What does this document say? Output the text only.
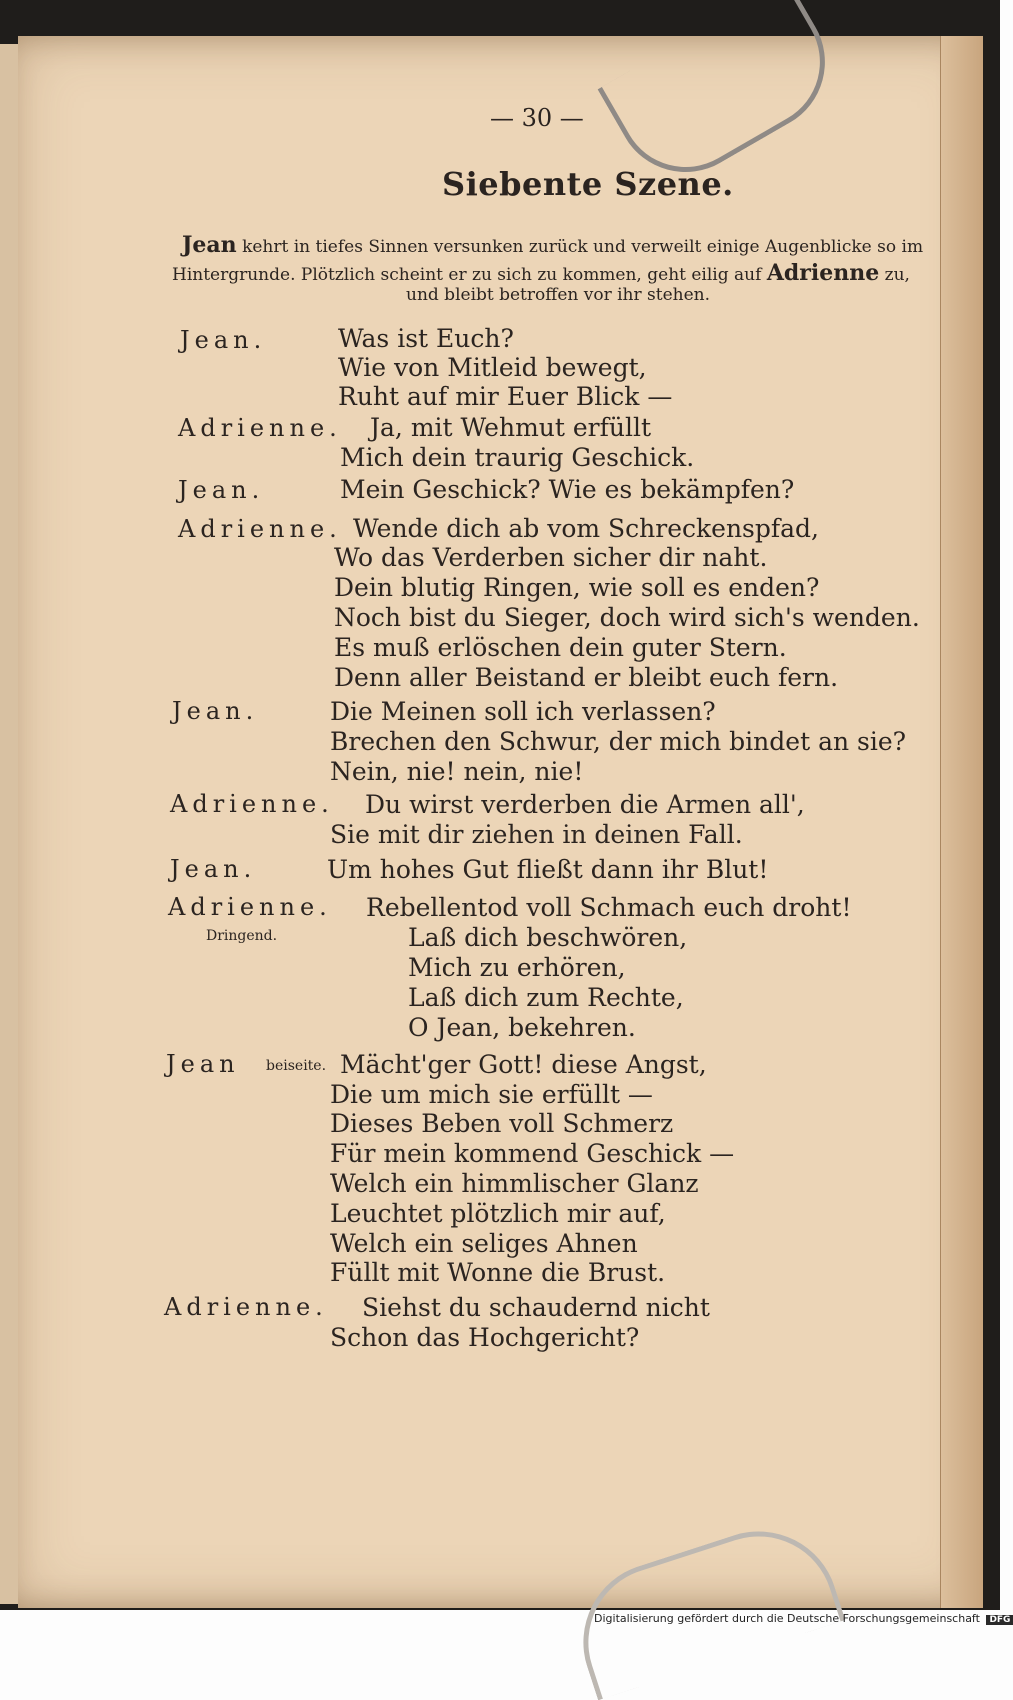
— 30 —
Siebente Szene.
Jean kehrt in tiefes Sinnen versunken zurück und verweilt einige Augenblicke so im
Hintergrunde. Plötzlich scheint er zu sich zu kommen, geht eilig auf Adrienne zu,
und bleibt betroffen vor ihr stehen.
Jean.
Adrienne.
Jean.
Adrienne.
Jean.
Adrienne.
Jean.
Adrienne.
Dringend.
Jean beiseite.
Adrienne.
Was ist Euch?
Wie von Mitleid bewegt,
Ruht auf mir Euer Blick —
Ja, mit Wehmut erfüllt
Mich dein traurig Geschick.
Mein Geschick? Wie es bekämpfen?
Wende dich ab vom Schreckenspfad,
Wo das Verderben sicher dir naht.
Dein blutig Ringen, wie soll es enden?
Noch bist du Sieger, doch wird sich's wenden.
Es muß erlöschen dein guter Stern.
Denn aller Beistand er bleibt euch fern.
Die Meinen soll ich verlassen?
Brechen den Schwur, der mich bindet an sie?
Nein, nie! nein, nie!
Du wirst verderben die Armen all',
Sie mit dir ziehen in deinen Fall.
Um hohes Gut fließt dann ihr Blut!
Rebellentod voll Schmach euch droht!
Laß dich beschwören,
Mich zu erhören,
Laß dich zum Rechte,
O Jean, bekehren.
Mächt'ger Gott! diese Angst,
Die um mich sie erfüllt —
Dieses Beben voll Schmerz
Für mein kommend Geschick —
Welch ein himmlischer Glanz
Leuchtet plötzlich mir auf,
Welch ein seliges Ahnen
Füllt mit Wonne die Brust.
Siehst du schaudernd nicht
Schon das Hochgericht?
Digitalisierung gefördert durch die Deutsche Forschungsgemeinschaft DFG
